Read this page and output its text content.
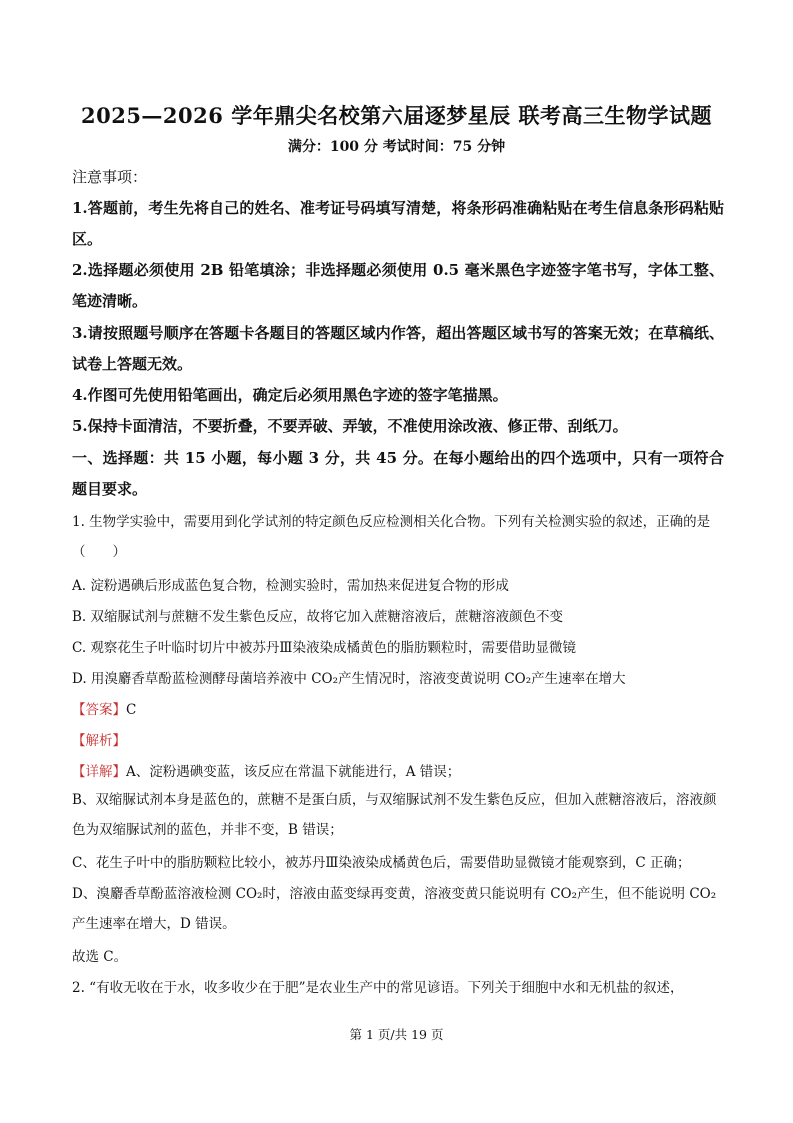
2025—2026 学年鼎尖名校第六届逐梦星辰 联考高三生物学试题
满分：100 分 考试时间：75 分钟
注意事项：
1.答题前，考生先将自己的姓名、准考证号码填写清楚，将条形码准确粘贴在考生信息条形码粘贴区。
2.选择题必须使用 2B 铅笔填涂；非选择题必须使用 0.5 毫米黑色字迹签字笔书写，字体工整、笔迹清晰。
3.请按照题号顺序在答题卡各题目的答题区域内作答，超出答题区域书写的答案无效；在草稿纸、试卷上答题无效。
4.作图可先使用铅笔画出，确定后必须用黑色字迹的签字笔描黑。
5.保持卡面清洁，不要折叠，不要弄破、弄皱，不准使用涂改液、修正带、刮纸刀。
一、选择题：共 15 小题，每小题 3 分，共 45 分。在每小题给出的四个选项中，只有一项符合题目要求。
1. 生物学实验中，需要用到化学试剂的特定颜色反应检测相关化合物。下列有关检测实验的叙述，正确的是（　　）
A. 淀粉遇碘后形成蓝色复合物，检测实验时，需加热来促进复合物的形成
B. 双缩脲试剂与蔗糖不发生紫色反应，故将它加入蔗糖溶液后，蔗糖溶液颜色不变
C. 观察花生子叶临时切片中被苏丹Ⅲ染液染成橘黄色的脂肪颗粒时，需要借助显微镜
D. 用溴麝香草酚蓝检测酵母菌培养液中 CO₂产生情况时，溶液变黄说明 CO₂产生速率在增大
【答案】C
【解析】
【详解】A、淀粉遇碘变蓝，该反应在常温下就能进行，A 错误；
B、双缩脲试剂本身是蓝色的，蔗糖不是蛋白质，与双缩脲试剂不发生紫色反应，但加入蔗糖溶液后，溶液颜色为双缩脲试剂的蓝色，并非不变，B 错误；
C、花生子叶中的脂肪颗粒比较小，被苏丹Ⅲ染液染成橘黄色后，需要借助显微镜才能观察到，C 正确；
D、溴麝香草酚蓝溶液检测 CO₂时，溶液由蓝变绿再变黄，溶液变黄只能说明有 CO₂产生，但不能说明 CO₂产生速率在增大，D 错误。
故选 C。
2. “有收无收在于水，收多收少在于肥”是农业生产中的常见谚语。下列关于细胞中水和无机盐的叙述，
第 1 页/共 19 页
